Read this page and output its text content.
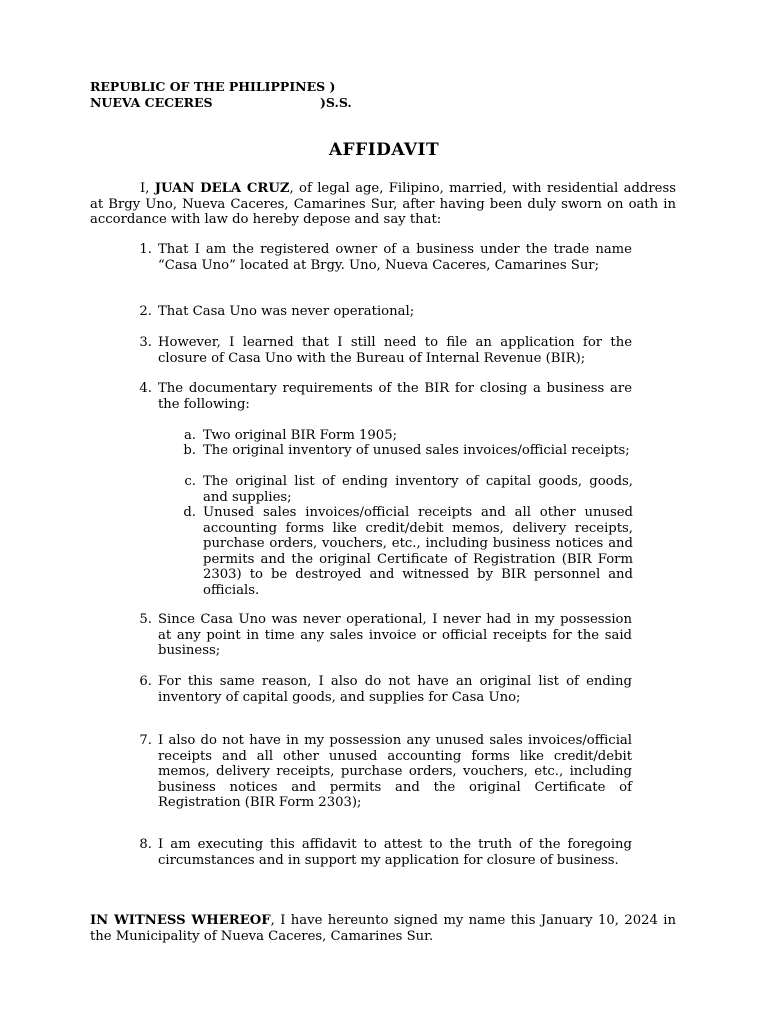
REPUBLIC OF THE PHILIPPINES )
NUEVA CECERES	)S.S.
AFFIDAVIT
I, JUAN DELA CRUZ, of legal age, Filipino, married, with residential address at Brgy Uno, Nueva Caceres, Camarines Sur, after having been duly sworn on oath in accordance with law do hereby depose and say that:
1. That I am the registered owner of a business under the trade name “Casa Uno” located at Brgy. Uno, Nueva Caceres, Camarines Sur;
2. That Casa Uno was never operational;
3. However, I learned that I still need to file an application for the closure of Casa Uno with the Bureau of Internal Revenue (BIR);
4. The documentary requirements of the BIR for closing a business are the following:
a. Two original BIR Form 1905;
b. The original inventory of unused sales invoices/official receipts;
c. The original list of ending inventory of capital goods, goods, and supplies;
d. Unused sales invoices/official receipts and all other unused accounting forms like credit/debit memos, delivery receipts, purchase orders, vouchers, etc., including business notices and permits and the original Certificate of Registration (BIR Form 2303) to be destroyed and witnessed by BIR personnel and officials.
5. Since Casa Uno was never operational, I never had in my possession at any point in time any sales invoice or official receipts for the said business;
6. For this same reason, I also do not have an original list of ending inventory of capital goods, and supplies for Casa Uno;
7. I also do not have in my possession any unused sales invoices/official receipts and all other unused accounting forms like credit/debit memos, delivery receipts, purchase orders, vouchers, etc., including business notices and permits and the original Certificate of Registration (BIR Form 2303);
8. I am executing this affidavit to attest to the truth of the foregoing circumstances and in support my application for closure of business.
IN WITNESS WHEREOF, I have hereunto signed my name this January 10, 2024 in the Municipality of Nueva Caceres, Camarines Sur.
